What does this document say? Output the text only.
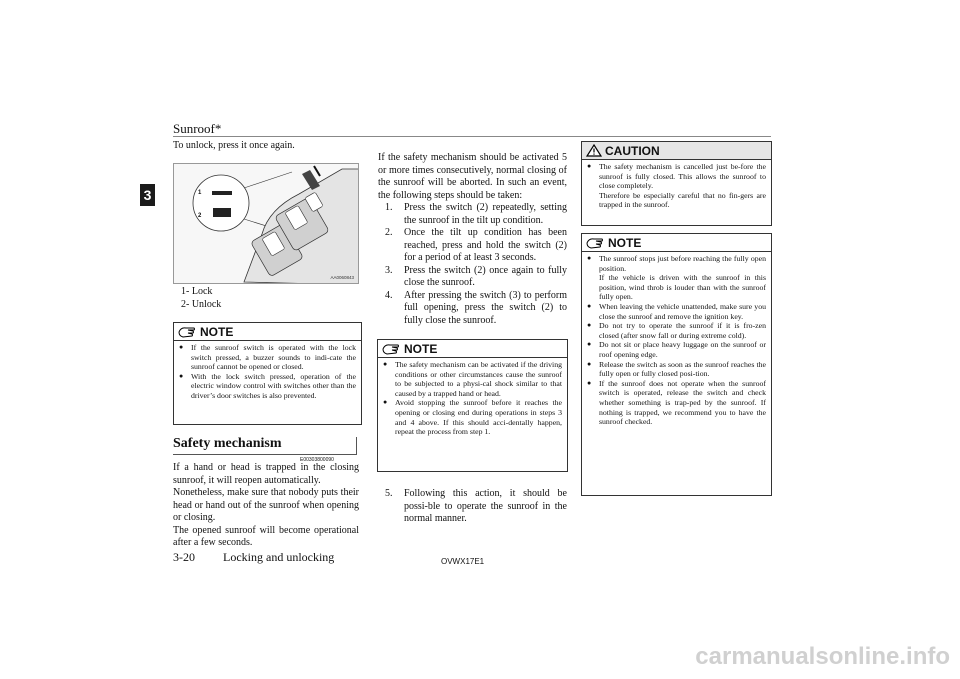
Sunroof*
3
To unlock, press it once again.
1
2
AA0060843
1- Lock
2- Unlock
NOTE
● If the sunroof switch is operated with the lock switch pressed, a buzzer sounds to indi-cate the sunroof cannot be opened or closed.
● With the lock switch pressed, operation of the electric window control with switches other than the driver’s door switches is also prevented.
Safety mechanism
E00303800090
If a hand or head is trapped in the closing sunroof, it will reopen automatically.
Nonetheless, make sure that nobody puts their head or hand out of the sunroof when opening or closing.
The opened sunroof will become operational after a few seconds.
If the safety mechanism should be activated 5 or more times consecutively, normal closing of the sunroof will be aborted. In such an event, the following steps should be taken:
1.	Press the switch (2) repeatedly, setting the sunroof in the tilt up condition.
2.	Once the tilt up condition has been reached, press and hold the switch (2) for a period of at least 3 seconds.
3.	Press the switch (2) once again to fully close the sunroof.
4.	After pressing the switch (3) to perform full opening, press the switch (2) to fully close the sunroof.
NOTE
● The safety mechanism can be activated if the driving conditions or other circumstances cause the sunroof to be subjected to a physi-cal shock similar to that caused by a trapped hand or head.
● Avoid stopping the sunroof before it reaches the opening or closing end during operations in steps 3 and 4 above. If this should acci-dentally happen, repeat the process from step 1.
5.	Following this action, it should be possi-ble to operate the sunroof in the normal manner.
CAUTION
● The safety mechanism is cancelled just be-fore the sunroof is fully closed. This allows the sunroof to close completely.
Therefore be especially careful that no fin-gers are trapped in the sunroof.
NOTE
● The sunroof stops just before reaching the fully open position.
If the vehicle is driven with the sunroof in this position, wind throb is louder than with the sunroof fully open.
● When leaving the vehicle unattended, make sure you close the sunroof and remove the ignition key.
● Do not try to operate the sunroof if it is fro-zen closed (after snow fall or during extreme cold).
● Do not sit or place heavy luggage on the sunroof or roof opening edge.
● Release the switch as soon as the sunroof reaches the fully open or fully closed posi-tion.
● If the sunroof does not operate when the sunroof switch is operated, release the switch and check whether something is trap-ped by the sunroof. If nothing is trapped, we recommend you to have the sunroof checked.
3-20 Locking and unlocking	OVWX17E1
carmanualsonline.info
